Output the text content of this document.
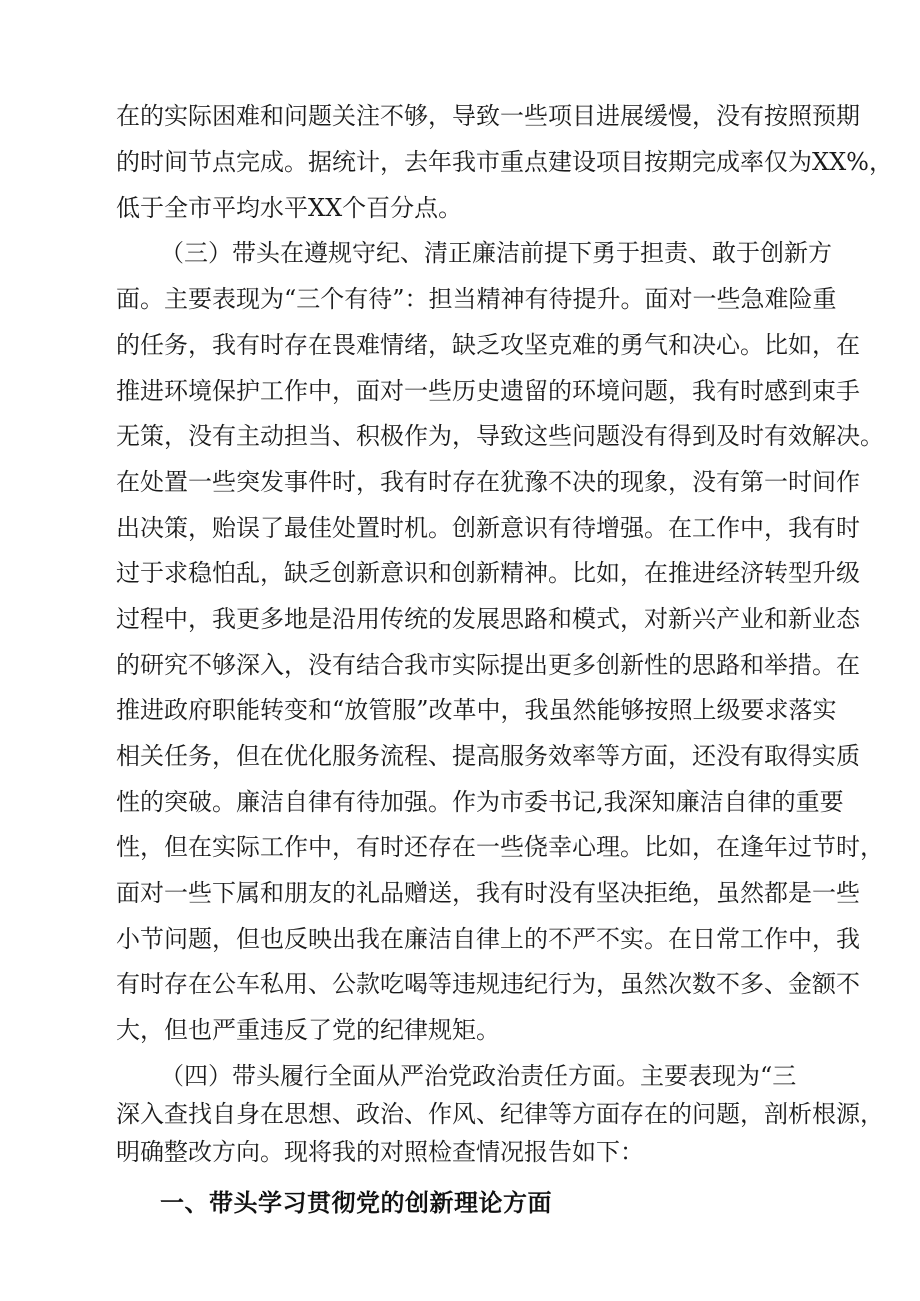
在的实际困难和问题关注不够，导致一些项目进展缓慢，没有按照预期
的时间节点完成。据统计，去年我市重点建设项目按期完成率仅为XX%，
低于全市平均水平XX个百分点。
（三）带头在遵规守纪、清正廉洁前提下勇于担责、敢于创新方
面。主要表现为“三个有待”：担当精神有待提升。面对一些急难险重
的任务，我有时存在畏难情绪，缺乏攻坚克难的勇气和决心。比如，在
推进环境保护工作中，面对一些历史遗留的环境问题，我有时感到束手
无策，没有主动担当、积极作为，导致这些问题没有得到及时有效解决。
在处置一些突发事件时，我有时存在犹豫不决的现象，没有第一时间作
出决策，贻误了最佳处置时机。创新意识有待增强。在工作中，我有时
过于求稳怕乱，缺乏创新意识和创新精神。比如，在推进经济转型升级
过程中，我更多地是沿用传统的发展思路和模式，对新兴产业和新业态
的研究不够深入，没有结合我市实际提出更多创新性的思路和举措。在
推进政府职能转变和“放管服”改革中，我虽然能够按照上级要求落实
相关任务，但在优化服务流程、提高服务效率等方面，还没有取得实质
性的突破。廉洁自律有待加强。作为市委书记,我深知廉洁自律的重要
性，但在实际工作中，有时还存在一些侥幸心理。比如，在逢年过节时，
面对一些下属和朋友的礼品赠送，我有时没有坚决拒绝，虽然都是一些
小节问题，但也反映出我在廉洁自律上的不严不实。在日常工作中，我
有时存在公车私用、公款吃喝等违规违纪行为，虽然次数不多、金额不
大，但也严重违反了党的纪律规矩。
（四）带头履行全面从严治党政治责任方面。主要表现为“三
深入查找自身在思想、政治、作风、纪律等方面存在的问题，剖析根源，
明确整改方向。现将我的对照检查情况报告如下：
一、带头学习贯彻党的创新理论方面
